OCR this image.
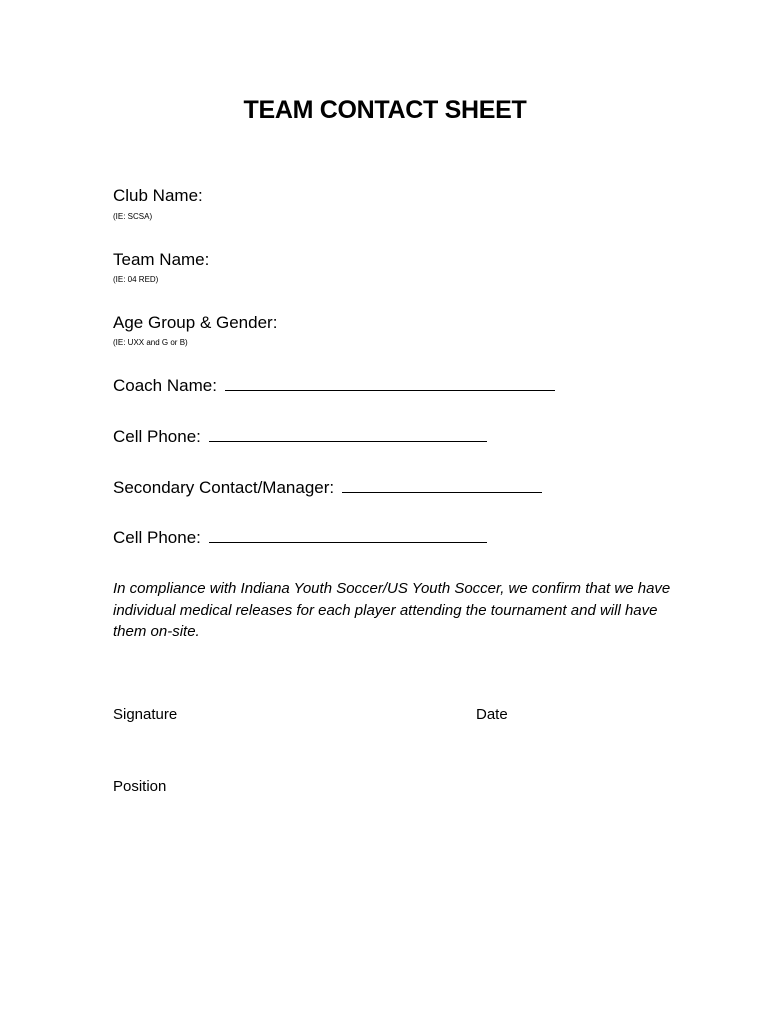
TEAM CONTACT SHEET
Club Name:
(IE: SCSA)
Team Name:
(IE: 04 RED)
Age Group & Gender:
(IE: UXX and G or B)
Coach Name:
Cell Phone:
Secondary Contact/Manager:
Cell Phone:
In compliance with Indiana Youth Soccer/US Youth Soccer, we confirm that we have individual medical releases for each player attending the tournament and will have them on-site.
Signature	Date
Position
